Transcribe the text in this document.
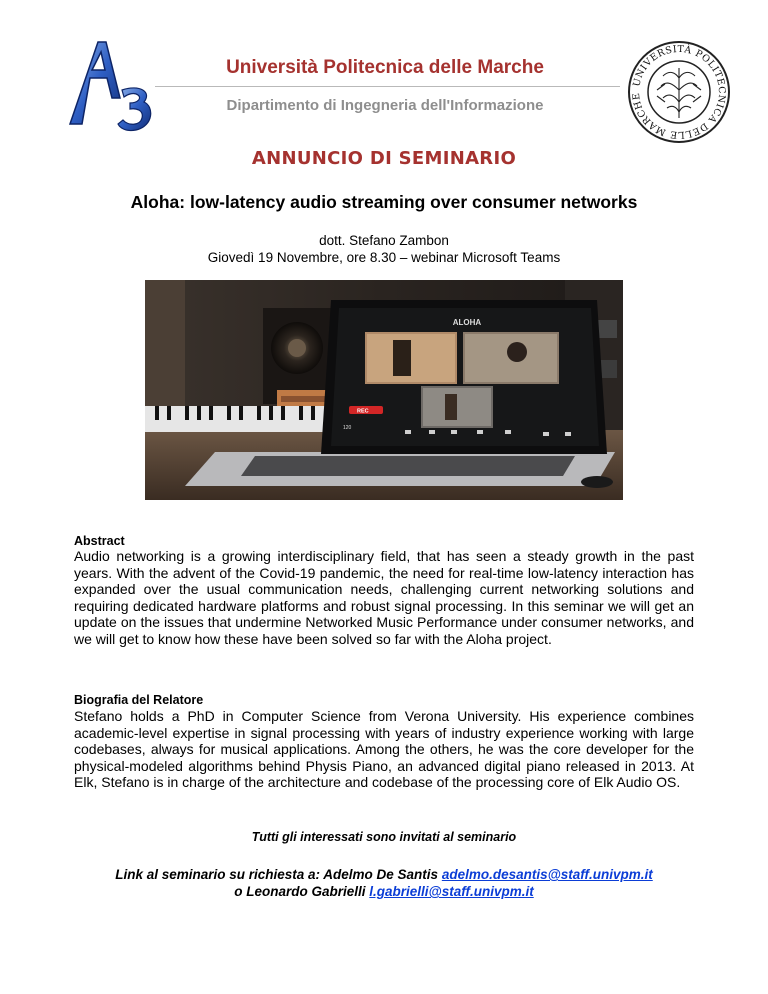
Università Politecnica delle Marche
Dipartimento di Ingegneria dell'Informazione
UNIVERSITÀ POLITECNICA DELLE MARCHE
ANNUNCIO DI SEMINARIO
Aloha: low-latency audio streaming over consumer networks
dott. Stefano Zambon
Giovedì 19 Novembre, ore 8.30 – webinar Microsoft Teams
ALOHA
REC
120
Abstract
Audio networking is a growing interdisciplinary field, that has seen a steady growth in the past years. With the advent of the Covid-19 pandemic, the need for real-time low-latency interaction has expanded over the usual communication needs, challenging current networking solutions and requiring dedicated hardware platforms and robust signal processing. In this seminar we will get an update on the issues that undermine Networked Music Performance under consumer networks, and we will get to know how these have been solved so far with the Aloha project.
Biografia del Relatore
Stefano holds a PhD in Computer Science from Verona University. His experience combines academic-level expertise in signal processing with years of industry experience working with large codebases, always for musical applications. Among the others, he was the core developer for the physical-modeled algorithms behind Physis Piano, an advanced digital piano released in 2013. At Elk, Stefano is in charge of the architecture and codebase of the processing core of Elk Audio OS.
Tutti gli interessati sono invitati al seminario
Link al seminario su richiesta a: Adelmo De Santis adelmo.desantis@staff.univpm.it
o Leonardo Gabrielli l.gabrielli@staff.univpm.it
